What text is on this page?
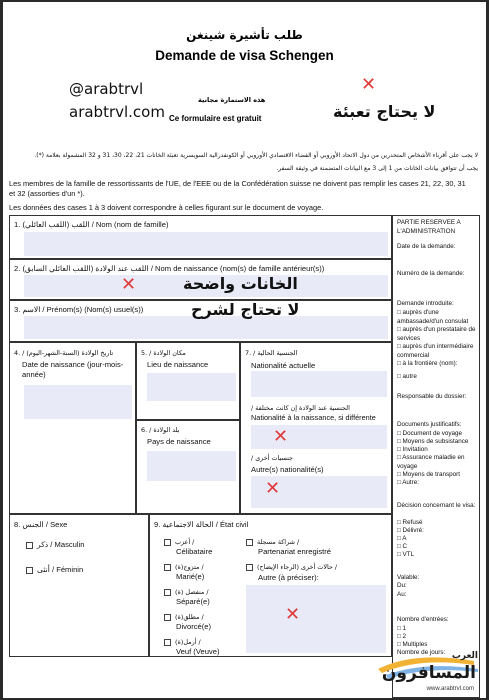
طلب تأشيرة شينغن
Demande de visa Schengen
@arabtrvl
arabtrvl.com
هذه الاستمارة مجانية
Ce formulaire est gratuit
✕
لا يحتاج تعبئة
لا يجب على أقرباء الأشخاص المتحدرين من دول الاتحاد الأوروبي أو الفضاء الاقتصادي الأوروبي أو الكونفدرالية السويسرية تعبئة الخانات 21، 22، 30، 31 و 32 المشمولة بعلامة (*).
يجب أن تتوافق بيانات الخانات من 1 إلى 3 مع البيانات المتضمنة في وثيقة السفر.
Les membres de la famille de ressortissants de l'UE, de l'EEE ou de la Confédération suisse ne doivent pas remplir les cases 21, 22, 30, 31
et 32 (assorties d'un *).
Les données des cases 1 à 3 doivent correspondre à celles figurant sur le document de voyage.
1. (اللقب العائلي) اللقب / Nom (nom de famille)
2. (اللقب العائلي السابق) اللقب عند الولادة / Nom de naissance (nom(s) de famille antérieur(s))
✕
3. الاسم / Prénom(s) (Nom(s) usuel(s))
الخانات واضحة
لا تحتاج لشرح
4. / تاريخ الولادة (السنة-الشهر-اليوم)
Date de naissance (jour-mois-année)
5. / مكان الولادة
Lieu de naissance
6. / بلد الولادة
Pays de naissance
7. / الجنسية الحالية
Nationalité actuelle
/ الجنسية عند الولادة إن كانت مختلفة
Nationalité à la naissance, si différente
/ جنسيات أخرى
Autre(s) nationalité(s)
✕
✕
8. الجنس / Sexe
ذكر / Masculin
أنثى / Féminin
9. الحالة الاجتماعية / État civil
أعزب /
Célibataire
متزوج(ة) /
Marié(e)
منفصل (ة) /
Séparé(e)
مطلق(ة) /
Divorcé(e)
أرمل(ة) /
Veuf (Veuve)
شراكة مسجلة /
Partenariat enregistré
حالات أخرى (الرجاء الإيضاح) /
Autre (à préciser):
✕
PARTIE RESERVEE A L'ADMINISTRATION
Date de la demande:
Numéro de la demande:
Demande introduite:
□ auprès d'une ambassade/d'un consulat
□ auprès d'un prestataire de services
□ auprès d'un intermédiaire commercial
□ à la frontière (nom):
□ autre
Responsable du dossier:
Documents justificatifs:
□ Document de voyage
□ Moyens de subsistance
□ Invitation
□ Assurance maladie en voyage
□ Moyens de transport
□ Autre:
Décision concernant le visa:
□ Refusé
□ Délivré:
□ A
□ C
□ VTL
Valable:
Du:
Au:
Nombre d'entrées:
□ 1
□ 2
□ Multiples
Nombre de jours: العرب
المسافرون
www.arabtrvl.com
